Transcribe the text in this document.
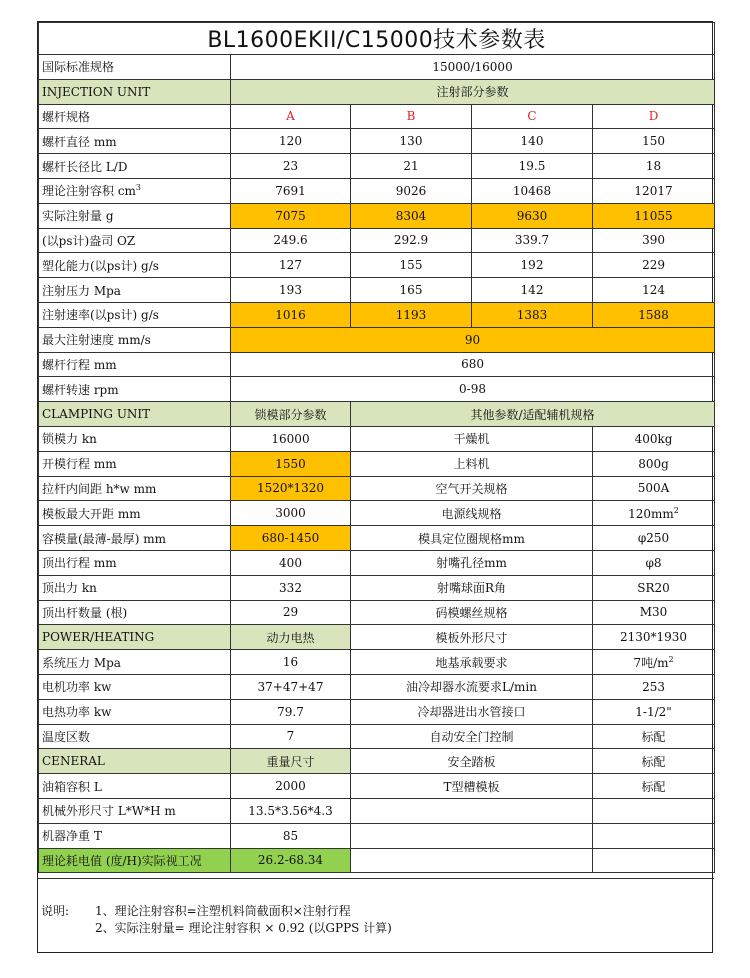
BL1600EKII/C15000技术参数表				
国际标准规格	15000/16000			
INJECTION UNIT	注射部分参数			
螺杆规格	A	B	C	D
螺杆直径 mm	120	130	140	150
螺杆长径比 L/D	23	21	19.5	18
理论注射容积 $cm^3$	7691	9026	10468	12017
实际注射量 g	7075	8304	9630	11055
(以ps计)盎司 OZ	249.6	292.9	339.7	390
塑化能力(以ps计) g/s	127	155	192	229
注射压力 Mpa	193	165	142	124
注射速率(以ps计) g/s	1016	1193	1383	1588
最大注射速度 mm/s	90			
螺杆行程 mm	680			
螺杆转速 rpm	0-98			
CLAMPING UNIT	锁模部分参数	其他参数/适配辅机规格		
锁模力 kn	16000	干燥机		400kg
开模行程 mm	1550	上料机		800g
拉杆内间距 h*w mm	1520*1320	空气开关规格		500A
模板最大开距 mm	3000	电源线规格		$120mm^2$
容模量(最薄-最厚) mm	680-1450	模具定位圈规格mm		φ250
顶出行程 mm	400	射嘴孔径mm		φ8
顶出力 kn	332	射嘴球面R角		SR20
顶出杆数量 (根)	29	码模螺丝规格		M30
POWER/HEATING	动力电热	模板外形尺寸		2130*1930
系统压力 Mpa	16	地基承载要求		7吨$/m^2$
电机功率 kw	37+47+47	油冷却器水流要求L/min		253
电热功率 kw	79.7	冷却器进出水管接口		1-1/2"
温度区数	7	自动安全门控制		标配
CENERAL	重量尺寸	安全踏板		标配
油箱容积 L	2000	T型槽模板		标配
机械外形尺寸 L*W*H m	13.5*3.56*4.3			
机器净重 T	85			
理论耗电值 (度/H)实际视工况	26.2-68.34			
说明: 1、理论注射容积=注塑机料筒截面积×注射行程
2、实际注射量= 理论注射容积 × 0.92 (以GPPS 计算)
